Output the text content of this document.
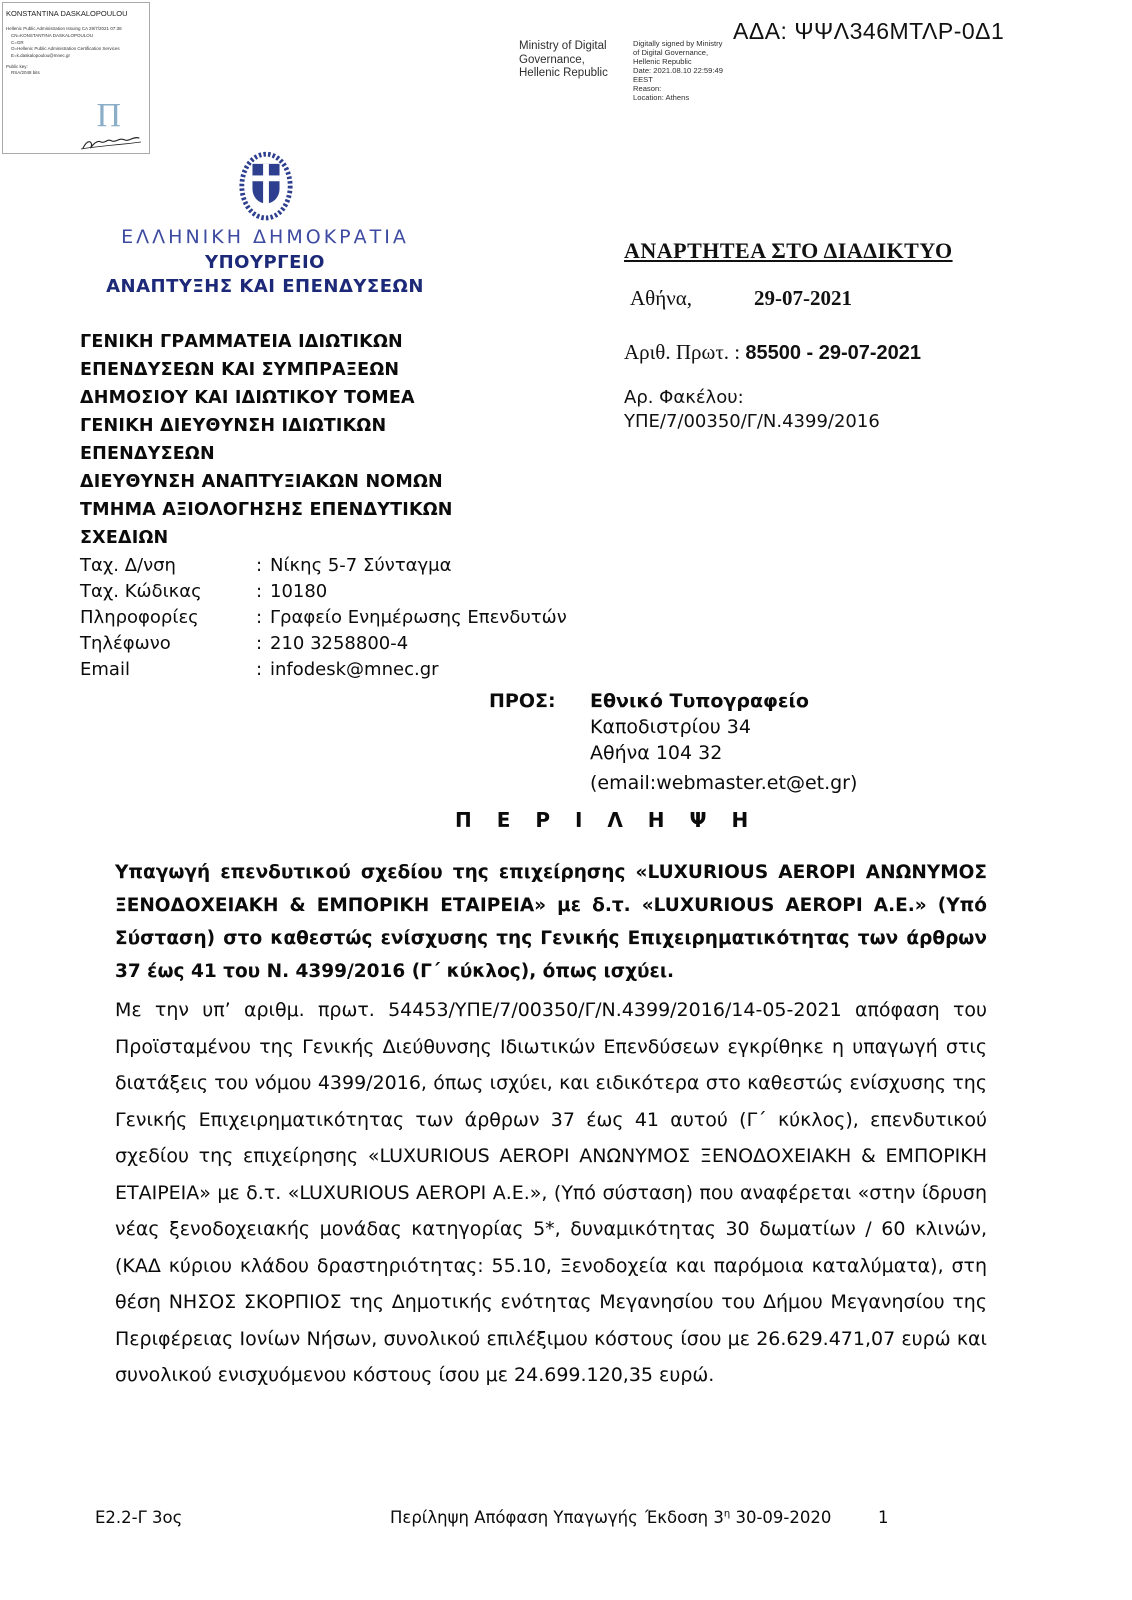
KONSTANTINA DASKALOPOULOU
Hellenic Public Administration Issuing CA 29/7/2021 07:38
CN=KONSTANTINA DASKALOPOULOU
C=GR
O=Hellenic Public Administration Certification Services
E=k.daskalopoulou@mnec.gr
Public key:
RSA/2048 bits
Π
Ministry of Digital
Governance,
Hellenic Republic
Digitally signed by Ministry
of Digital Governance,
Hellenic Republic
Date: 2021.08.10 22:59:49
EEST
Reason:
Location: Athens
ΑΔΑ: ΨΨΛ346ΜΤΛΡ-0Δ1
ΕΛΛΗΝΙΚΗ ΔΗΜΟΚΡΑΤΙΑ
ΥΠΟΥΡΓΕΙΟ
ΑΝΑΠΤΥΞΗΣ ΚΑΙ ΕΠΕΝΔΥΣΕΩΝ
ΑΝΑΡΤΗΤΕΑ ΣΤΟ ΔΙΑΔΙΚΤΥΟ
Αθήνα,	29-07-2021
Αριθ. Πρωτ. : 85500 - 29-07-2021
Αρ. Φακέλου:
ΥΠΕ/7/00350/Γ/Ν.4399/2016
ΓΕΝΙΚΗ ΓΡΑΜΜΑΤΕΙΑ ΙΔΙΩΤΙΚΩΝ
ΕΠΕΝΔΥΣΕΩΝ ΚΑΙ ΣΥΜΠΡΑΞΕΩΝ
ΔΗΜΟΣΙΟΥ ΚΑΙ ΙΔΙΩΤΙΚΟΥ ΤΟΜΕΑ
ΓΕΝΙΚΗ ΔΙΕΥΘΥΝΣΗ ΙΔΙΩΤΙΚΩΝ
ΕΠΕΝΔΥΣΕΩΝ
ΔΙΕΥΘΥΝΣΗ ΑΝΑΠΤΥΞΙΑΚΩΝ ΝΟΜΩΝ
ΤΜΗΜΑ ΑΞΙΟΛΟΓΗΣΗΣ ΕΠΕΝΔΥΤΙΚΩΝ
ΣΧΕΔΙΩΝ
Ταχ. Δ/νση	: Νίκης 5-7 Σύνταγμα
Ταχ. Κώδικας	: 10180
Πληροφορίες	: Γραφείο Ενημέρωσης Επενδυτών
Τηλέφωνο	: 210 3258800-4
Email	: infodesk@mnec.gr
ΠΡΟΣ: Εθνικό Τυπογραφείο
Καποδιστρίου 34
Αθήνα 104 32
(email:webmaster.et@et.gr)
Π Ε Ρ Ι Λ Η Ψ Η
Υπαγωγή επενδυτικού σχεδίου της επιχείρησης «LUXURIOUS AEROPI ΑΝΩΝΥΜΟΣ ΞΕΝΟΔΟΧΕΙΑΚΗ & ΕΜΠΟΡΙΚΗ ΕΤΑΙΡΕΙΑ» με δ.τ. «LUXURIOUS AEROPI Α.Ε.» (Υπό Σύσταση) στο καθεστώς ενίσχυσης της Γενικής Επιχειρηματικότητας των άρθρων 37 έως 41 του Ν. 4399/2016 (Γ΄ κύκλος), όπως ισχύει.
Με την υπ’ αριθμ. πρωτ. 54453/ΥΠΕ/7/00350/Γ/Ν.4399/2016/14-05-2021 απόφαση του Προϊσταμένου της Γενικής Διεύθυνσης Ιδιωτικών Επενδύσεων εγκρίθηκε η υπαγωγή στις διατάξεις του νόμου 4399/2016, όπως ισχύει, και ειδικότερα στο καθεστώς ενίσχυσης της Γενικής Επιχειρηματικότητας των άρθρων 37 έως 41 αυτού (Γ΄ κύκλος), επενδυτικού σχεδίου της επιχείρησης «LUXURIOUS AEROPI ΑΝΩΝΥΜΟΣ ΞΕΝΟΔΟΧΕΙΑΚΗ & ΕΜΠΟΡΙΚΗ ΕΤΑΙΡΕΙΑ» με δ.τ. «LUXURIOUS AEROPI Α.Ε.», (Υπό σύσταση) που αναφέρεται «στην ίδρυση νέας ξενοδοχειακής μονάδας κατηγορίας 5*, δυναμικότητας 30 δωματίων / 60 κλινών, (ΚΑΔ κύριου κλάδου δραστηριότητας: 55.10, Ξενοδοχεία και παρόμοια καταλύματα), στη θέση ΝΗΣΟΣ ΣΚΟΡΠΙΟΣ της Δημοτικής ενότητας Μεγανησίου του Δήμου Μεγανησίου της Περιφέρειας Ιονίων Νήσων, συνολικού επιλέξιμου κόστους ίσου με 26.629.471,07 ευρώ και συνολικού ενισχυόμενου κόστους ίσου με 24.699.120,35 ευρώ.
Ε2.2-Γ 3ος	Περίληψη Απόφαση Υπαγωγής Έκδοση $3^\eta$ 30-09-2020	1
